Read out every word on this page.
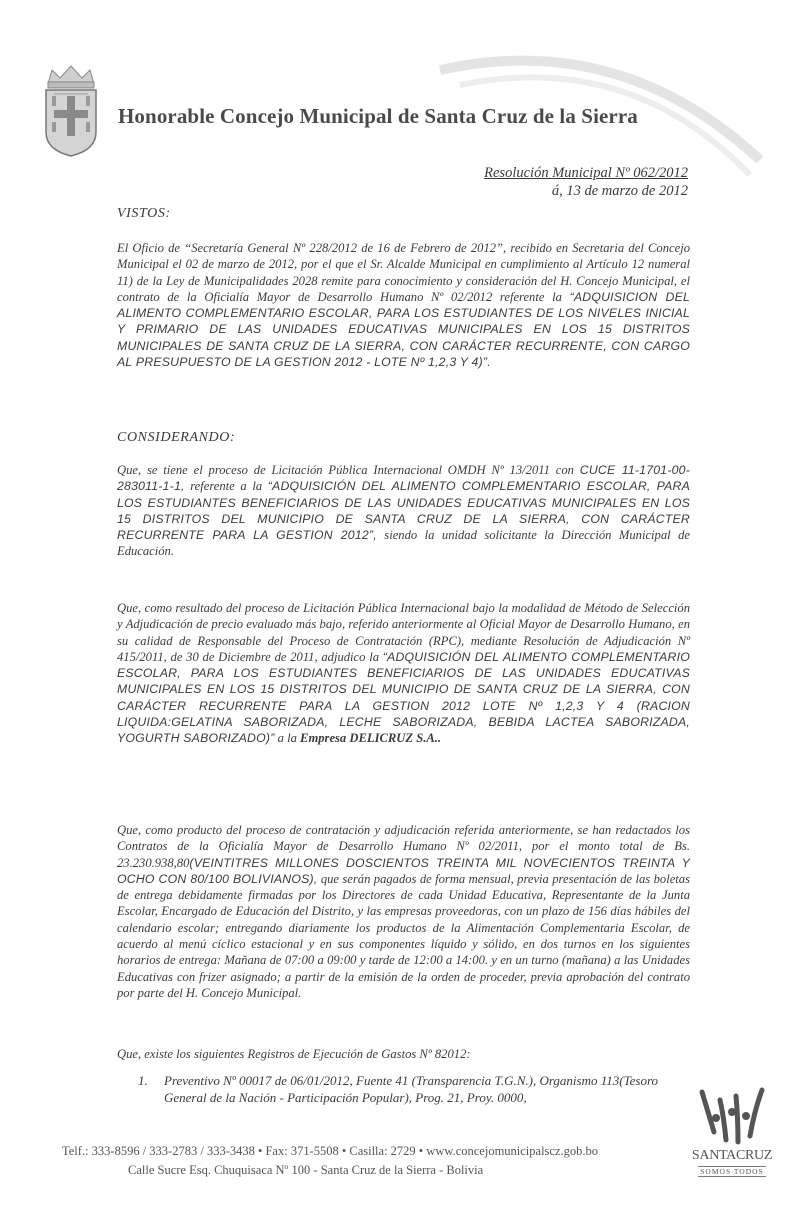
Honorable Concejo Municipal de Santa Cruz de la Sierra
Resolución Municipal Nº 062/2012
á, 13 de marzo de 2012
VISTOS:
El Oficio de “Secretaría General Nº 228/2012 de 16 de Febrero de 2012”, recibido en Secretaria del Concejo Municipal el 02 de marzo de 2012, por el que el Sr. Alcalde Municipal en cumplimiento al Artículo 12 numeral 11) de la Ley de Municipalidades 2028 remite para conocimiento y consideración del H. Concejo Municipal, el contrato de la Oficialía Mayor de Desarrollo Humano Nº 02/2012 referente la “ADQUISICION DEL ALIMENTO COMPLEMENTARIO ESCOLAR, PARA LOS ESTUDIANTES DE LOS NIVELES INICIAL Y PRIMARIO DE LAS UNIDADES EDUCATIVAS MUNICIPALES EN LOS 15 DISTRITOS MUNICIPALES DE SANTA CRUZ DE LA SIERRA, CON CARÁCTER RECURRENTE, CON CARGO AL PRESUPUESTO DE LA GESTION 2012 - LOTE Nº 1,2,3 Y 4)”.
CONSIDERANDO:
Que, se tiene el proceso de Licitación Pública Internacional OMDH Nº 13/2011 con CUCE 11-1701-00-283011-1-1, referente a la “ADQUISICIÓN DEL ALIMENTO COMPLEMENTARIO ESCOLAR, PARA LOS ESTUDIANTES BENEFICIARIOS DE LAS UNIDADES EDUCATIVAS MUNICIPALES EN LOS 15 DISTRITOS DEL MUNICIPIO DE SANTA CRUZ DE LA SIERRA, CON CARÁCTER RECURRENTE PARA LA GESTION 2012”, siendo la unidad solicitante la Dirección Municipal de Educación.
Que, como resultado del proceso de Licitación Pública Internacional bajo la modalidad de Método de Selección y Adjudicación de precio evaluado más bajo, referido anteriormente al Oficial Mayor de Desarrollo Humano, en su calidad de Responsable del Proceso de Contratación (RPC), mediante Resolución de Adjudicación Nº 415/2011, de 30 de Diciembre de 2011, adjudico la “ADQUISICIÓN DEL ALIMENTO COMPLEMENTARIO ESCOLAR, PARA LOS ESTUDIANTES BENEFICIARIOS DE LAS UNIDADES EDUCATIVAS MUNICIPALES EN LOS 15 DISTRITOS DEL MUNICIPIO DE SANTA CRUZ DE LA SIERRA, CON CARÁCTER RECURRENTE PARA LA GESTION 2012 LOTE Nº 1,2,3 Y 4 (RACION LIQUIDA:GELATINA SABORIZADA, LECHE SABORIZADA, BEBIDA LACTEA SABORIZADA, YOGURTH SABORIZADO)” a la Empresa DELICRUZ S.A..
Que, como producto del proceso de contratación y adjudicación referida anteriormente, se han redactados los Contratos de la Oficialía Mayor de Desarrollo Humano Nº 02/2011, por el monto total de Bs. 23.230.938,80(VEINTITRES MILLONES DOSCIENTOS TREINTA MIL NOVECIENTOS TREINTA Y OCHO CON 80/100 BOLIVIANOS), que serán pagados de forma mensual, previa presentación de las boletas de entrega debidamente firmadas por los Directores de cada Unidad Educativa, Representante de la Junta Escolar, Encargado de Educación del Distrito, y las empresas proveedoras, con un plazo de 156 días hábiles del calendario escolar; entregando diariamente los productos de la Alimentación Complementaria Escolar, de acuerdo al menú cíclico estacional y en sus componentes líquido y sólido, en dos turnos en los siguientes horarios de entrega: Mañana de 07:00 a 09:00 y tarde de 12:00 a 14:00. y en un turno (mañana) a las Unidades Educativas con frizer asignado; a partir de la emisión de la orden de proceder, previa aprobación del contrato por parte del H. Concejo Municipal.
Que, existe los siguientes Registros de Ejecución de Gastos Nº 82012:
1. Preventivo Nº 00017 de 06/01/2012, Fuente 41 (Transparencia T.G.N.), Organismo 113(Tesoro General de la Nación - Participación Popular), Prog. 21, Proy. 0000,
Telf.: 333-8596 / 333-2783 / 333-3438 • Fax: 371-5508 • Casilla: 2729 • www.concejomunicipalscz.gob.bo
Calle Sucre Esq. Chuquisaca Nº 100 - Santa Cruz de la Sierra - Bolivia
SANTACRUZ
SOMOS TODOS
